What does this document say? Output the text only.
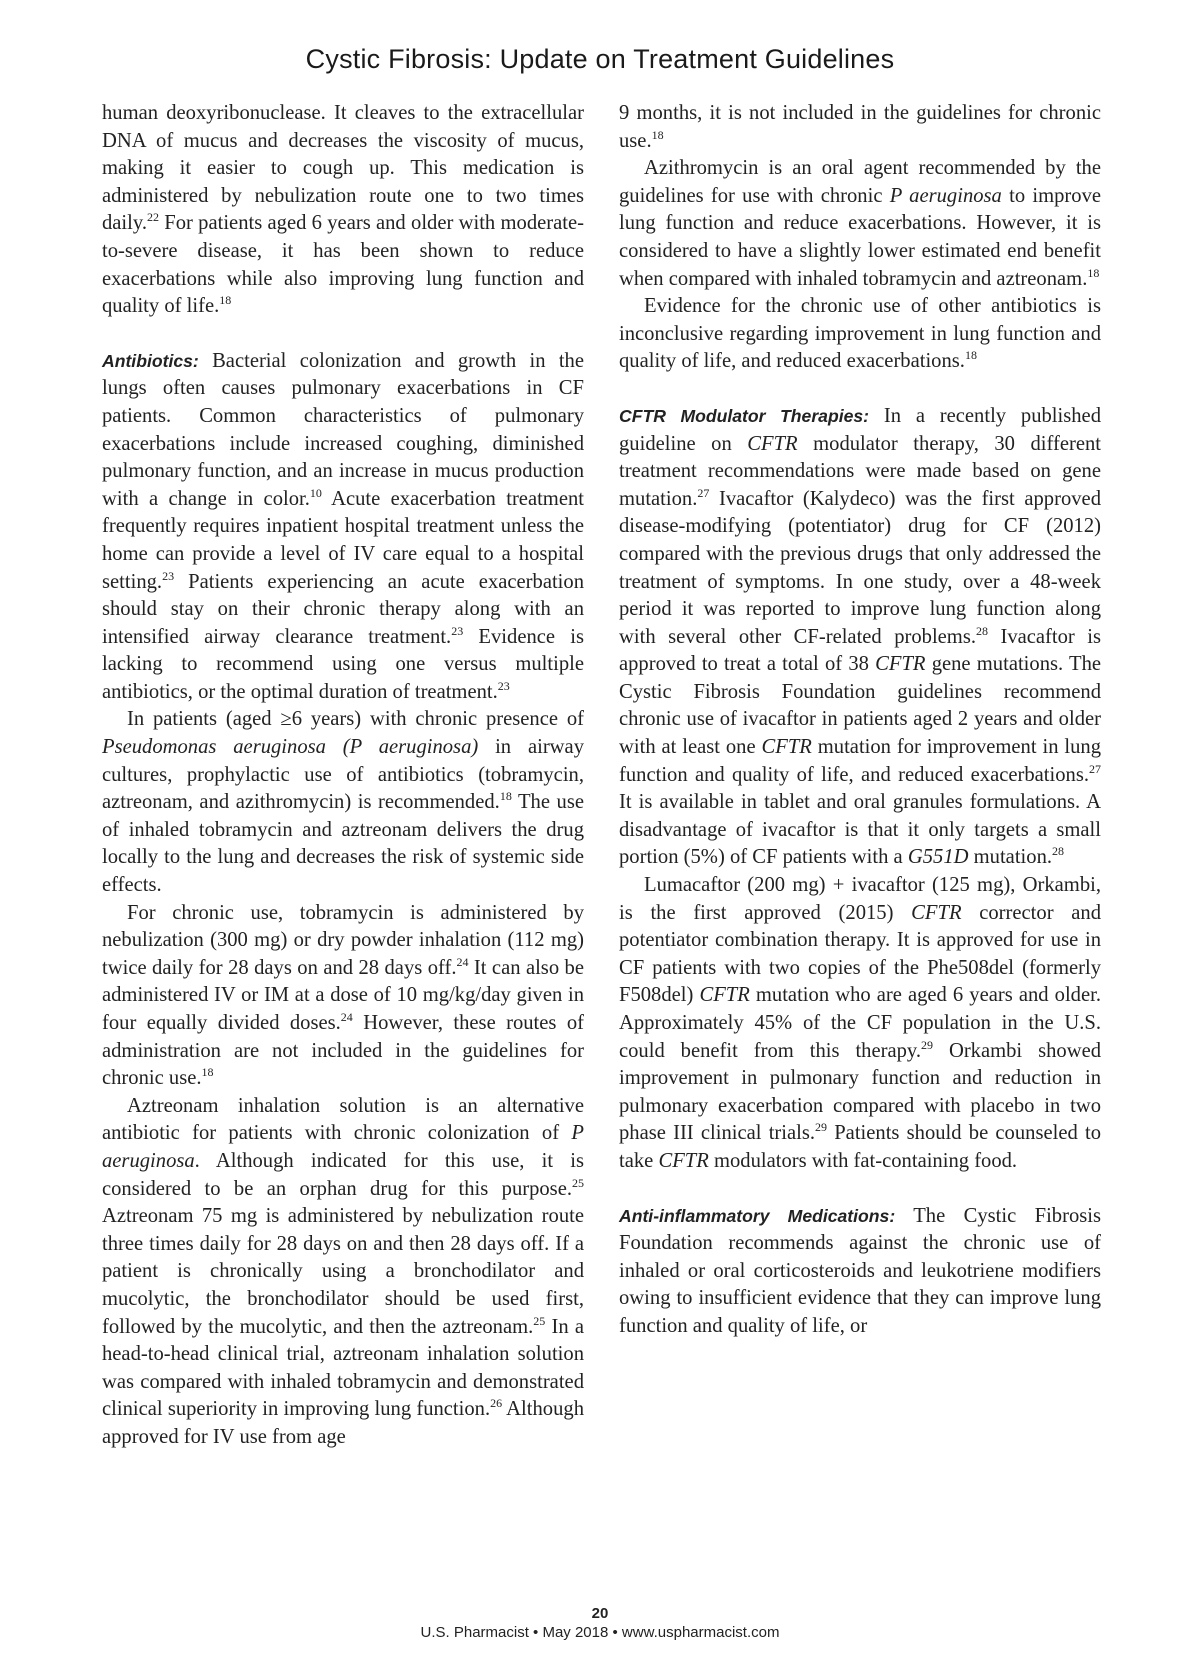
Cystic Fibrosis: Update on Treatment Guidelines

human deoxyribonuclease. It cleaves to the extracellular DNA of mucus and decreases the viscosity of mucus, making it easier to cough up. This medication is administered by nebulization route one to two times daily.$^{22}$ For patients aged 6 years and older with moderate-to-severe disease, it has been shown to reduce exacerbations while also improving lung function and quality of life.$^{18}$

Antibiotics: Bacterial colonization and growth in the lungs often causes pulmonary exacerbations in CF patients. Common characteristics of pulmonary exacerbations include increased coughing, diminished pulmonary function, and an increase in mucus production with a change in color.$^{10}$ Acute exacerbation treatment frequently requires inpatient hospital treatment unless the home can provide a level of IV care equal to a hospital setting.$^{23}$ Patients experiencing an acute exacerbation should stay on their chronic therapy along with an intensified airway clearance treatment.$^{23}$ Evidence is lacking to recommend using one versus multiple antibiotics, or the optimal duration of treatment.$^{23}$

In patients (aged ≥6 years) with chronic presence of Pseudomonas aeruginosa (P aeruginosa) in airway cultures, prophylactic use of antibiotics (tobramycin, aztreonam, and azithromycin) is recommended.$^{18}$ The use of inhaled tobramycin and aztreonam delivers the drug locally to the lung and decreases the risk of systemic side effects.

For chronic use, tobramycin is administered by nebulization (300 mg) or dry powder inhalation (112 mg) twice daily for 28 days on and 28 days off.$^{24}$ It can also be administered IV or IM at a dose of 10 mg/kg/day given in four equally divided doses.$^{24}$ However, these routes of administration are not included in the guidelines for chronic use.$^{18}$

Aztreonam inhalation solution is an alternative antibiotic for patients with chronic colonization of P aeruginosa. Although indicated for this use, it is considered to be an orphan drug for this purpose.$^{25}$ Aztreonam 75 mg is administered by nebulization route three times daily for 28 days on and then 28 days off. If a patient is chronically using a bronchodilator and mucolytic, the bronchodilator should be used first, followed by the mucolytic, and then the aztreonam.$^{25}$ In a head-to-head clinical trial, aztreonam inhalation solution was compared with inhaled tobramycin and demonstrated clinical superiority in improving lung function.$^{26}$ Although approved for IV use from age

9 months, it is not included in the guidelines for chronic use.$^{18}$

Azithromycin is an oral agent recommended by the guidelines for use with chronic P aeruginosa to improve lung function and reduce exacerbations. However, it is considered to have a slightly lower estimated end benefit when compared with inhaled tobramycin and aztreonam.$^{18}$

Evidence for the chronic use of other antibiotics is inconclusive regarding improvement in lung function and quality of life, and reduced exacerbations.$^{18}$

CFTR Modulator Therapies: In a recently published guideline on CFTR modulator therapy, 30 different treatment recommendations were made based on gene mutation.$^{27}$ Ivacaftor (Kalydeco) was the first approved disease-modifying (potentiator) drug for CF (2012) compared with the previous drugs that only addressed the treatment of symptoms. In one study, over a 48-week period it was reported to improve lung function along with several other CF-related problems.$^{28}$ Ivacaftor is approved to treat a total of 38 CFTR gene mutations. The Cystic Fibrosis Foundation guidelines recommend chronic use of ivacaftor in patients aged 2 years and older with at least one CFTR mutation for improvement in lung function and quality of life, and reduced exacerbations.$^{27}$ It is available in tablet and oral granules formulations. A disadvantage of ivacaftor is that it only targets a small portion (5%) of CF patients with a G551D mutation.$^{28}$

Lumacaftor (200 mg) + ivacaftor (125 mg), Orkambi, is the first approved (2015) CFTR corrector and potentiator combination therapy. It is approved for use in CF patients with two copies of the Phe508del (formerly F508del) CFTR mutation who are aged 6 years and older. Approximately 45% of the CF population in the U.S. could benefit from this therapy.$^{29}$ Orkambi showed improvement in pulmonary function and reduction in pulmonary exacerbation compared with placebo in two phase III clinical trials.$^{29}$ Patients should be counseled to take CFTR modulators with fat-containing food.

Anti-inflammatory Medications: The Cystic Fibrosis Foundation recommends against the chronic use of inhaled or oral corticosteroids and leukotriene modifiers owing to insufficient evidence that they can improve lung function and quality of life, or

20
U.S. Pharmacist • May 2018 • www.uspharmacist.com
